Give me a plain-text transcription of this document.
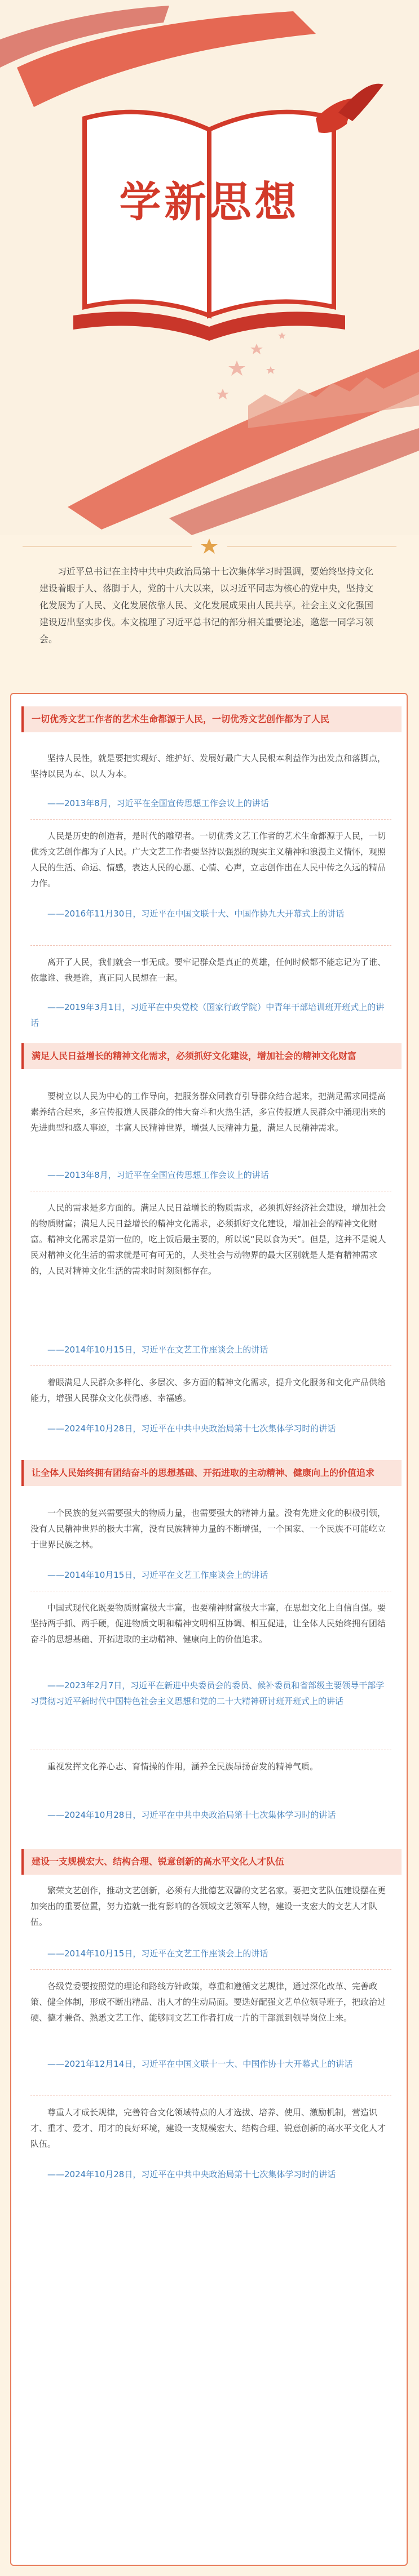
学新思想

习近平总书记在主持中共中央政治局第十七次集体学习时强调，要始终坚持文化建设着眼于人、落脚于人，党的十八大以来，以习近平同志为核心的党中央，坚持文化发展为了人民、文化发展依靠人民、文化发展成果由人民共享。社会主义文化强国建设迈出坚实步伐。本文梳理了习近平总书记的部分相关重要论述，邀您一同学习领会。

一切优秀文艺工作者的艺术生命都源于人民，一切优秀文艺创作都为了人民

坚持人民性，就是要把实现好、维护好、发展好最广大人民根本利益作为出发点和落脚点，坚持以民为本、以人为本。

——2013年8月，习近平在全国宣传思想工作会议上的讲话

人民是历史的创造者，是时代的雕塑者。一切优秀文艺工作者的艺术生命都源于人民，一切优秀文艺创作都为了人民。广大文艺工作者要坚持以强烈的现实主义精神和浪漫主义情怀，观照人民的生活、命运、情感，表达人民的心愿、心情、心声，立志创作出在人民中传之久远的精品力作。

——2016年11月30日，习近平在中国文联十大、中国作协九大开幕式上的讲话

离开了人民，我们就会一事无成。要牢记群众是真正的英雄，任何时候都不能忘记为了谁、依靠谁、我是谁，真正同人民想在一起。

——2019年3月1日，习近平在中央党校（国家行政学院）中青年干部培训班开班式上的讲话

满足人民日益增长的精神文化需求，必须抓好文化建设，增加社会的精神文化财富

要树立以人民为中心的工作导向，把服务群众同教育引导群众结合起来，把满足需求同提高素养结合起来，多宣传报道人民群众的伟大奋斗和火热生活，多宣传报道人民群众中涌现出来的先进典型和感人事迹，丰富人民精神世界，增强人民精神力量，满足人民精神需求。

——2013年8月，习近平在全国宣传思想工作会议上的讲话

人民的需求是多方面的。满足人民日益增长的物质需求，必须抓好经济社会建设，增加社会的物质财富；满足人民日益增长的精神文化需求，必须抓好文化建设，增加社会的精神文化财富。精神文化需求是第一位的，吃上饭后最主要的，所以说“民以食为天”。但是，这并不是说人民对精神文化生活的需求就是可有可无的，人类社会与动物界的最大区别就是人是有精神需求的，人民对精神文化生活的需求时时刻刻都存在。

——2014年10月15日，习近平在文艺工作座谈会上的讲话

着眼满足人民群众多样化、多层次、多方面的精神文化需求，提升文化服务和文化产品供给能力，增强人民群众文化获得感、幸福感。

——2024年10月28日，习近平在中共中央政治局第十七次集体学习时的讲话

让全体人民始终拥有团结奋斗的思想基础、开拓进取的主动精神、健康向上的价值追求

一个民族的复兴需要强大的物质力量，也需要强大的精神力量。没有先进文化的积极引领，没有人民精神世界的极大丰富，没有民族精神力量的不断增强，一个国家、一个民族不可能屹立于世界民族之林。

——2014年10月15日，习近平在文艺工作座谈会上的讲话

中国式现代化既要物质财富极大丰富，也要精神财富极大丰富，在思想文化上自信自强。要坚持两手抓、两手硬，促进物质文明和精神文明相互协调、相互促进，让全体人民始终拥有团结奋斗的思想基础、开拓进取的主动精神、健康向上的价值追求。

——2023年2月7日，习近平在新进中央委员会的委员、候补委员和省部级主要领导干部学习贯彻习近平新时代中国特色社会主义思想和党的二十大精神研讨班开班式上的讲话

重视发挥文化养心志、育情操的作用，涵养全民族昂扬奋发的精神气质。

——2024年10月28日，习近平在中共中央政治局第十七次集体学习时的讲话

建设一支规模宏大、结构合理、锐意创新的高水平文化人才队伍

繁荣文艺创作，推动文艺创新，必须有大批德艺双馨的文艺名家。要把文艺队伍建设摆在更加突出的重要位置，努力造就一批有影响的各领域文艺领军人物，建设一支宏大的文艺人才队伍。

——2014年10月15日，习近平在文艺工作座谈会上的讲话

各级党委要按照党的理论和路线方针政策，尊重和遵循文艺规律，通过深化改革、完善政策、健全体制，形成不断出精品、出人才的生动局面。要选好配强文艺单位领导班子，把政治过硬、德才兼备、熟悉文艺工作、能够同文艺工作者打成一片的干部派到领导岗位上来。

——2021年12月14日，习近平在中国文联十一大、中国作协十大开幕式上的讲话

尊重人才成长规律，完善符合文化领域特点的人才选拔、培养、使用、激励机制，营造识才、重才、爱才、用才的良好环境，建设一支规模宏大、结构合理、锐意创新的高水平文化人才队伍。

——2024年10月28日，习近平在中共中央政治局第十七次集体学习时的讲话
